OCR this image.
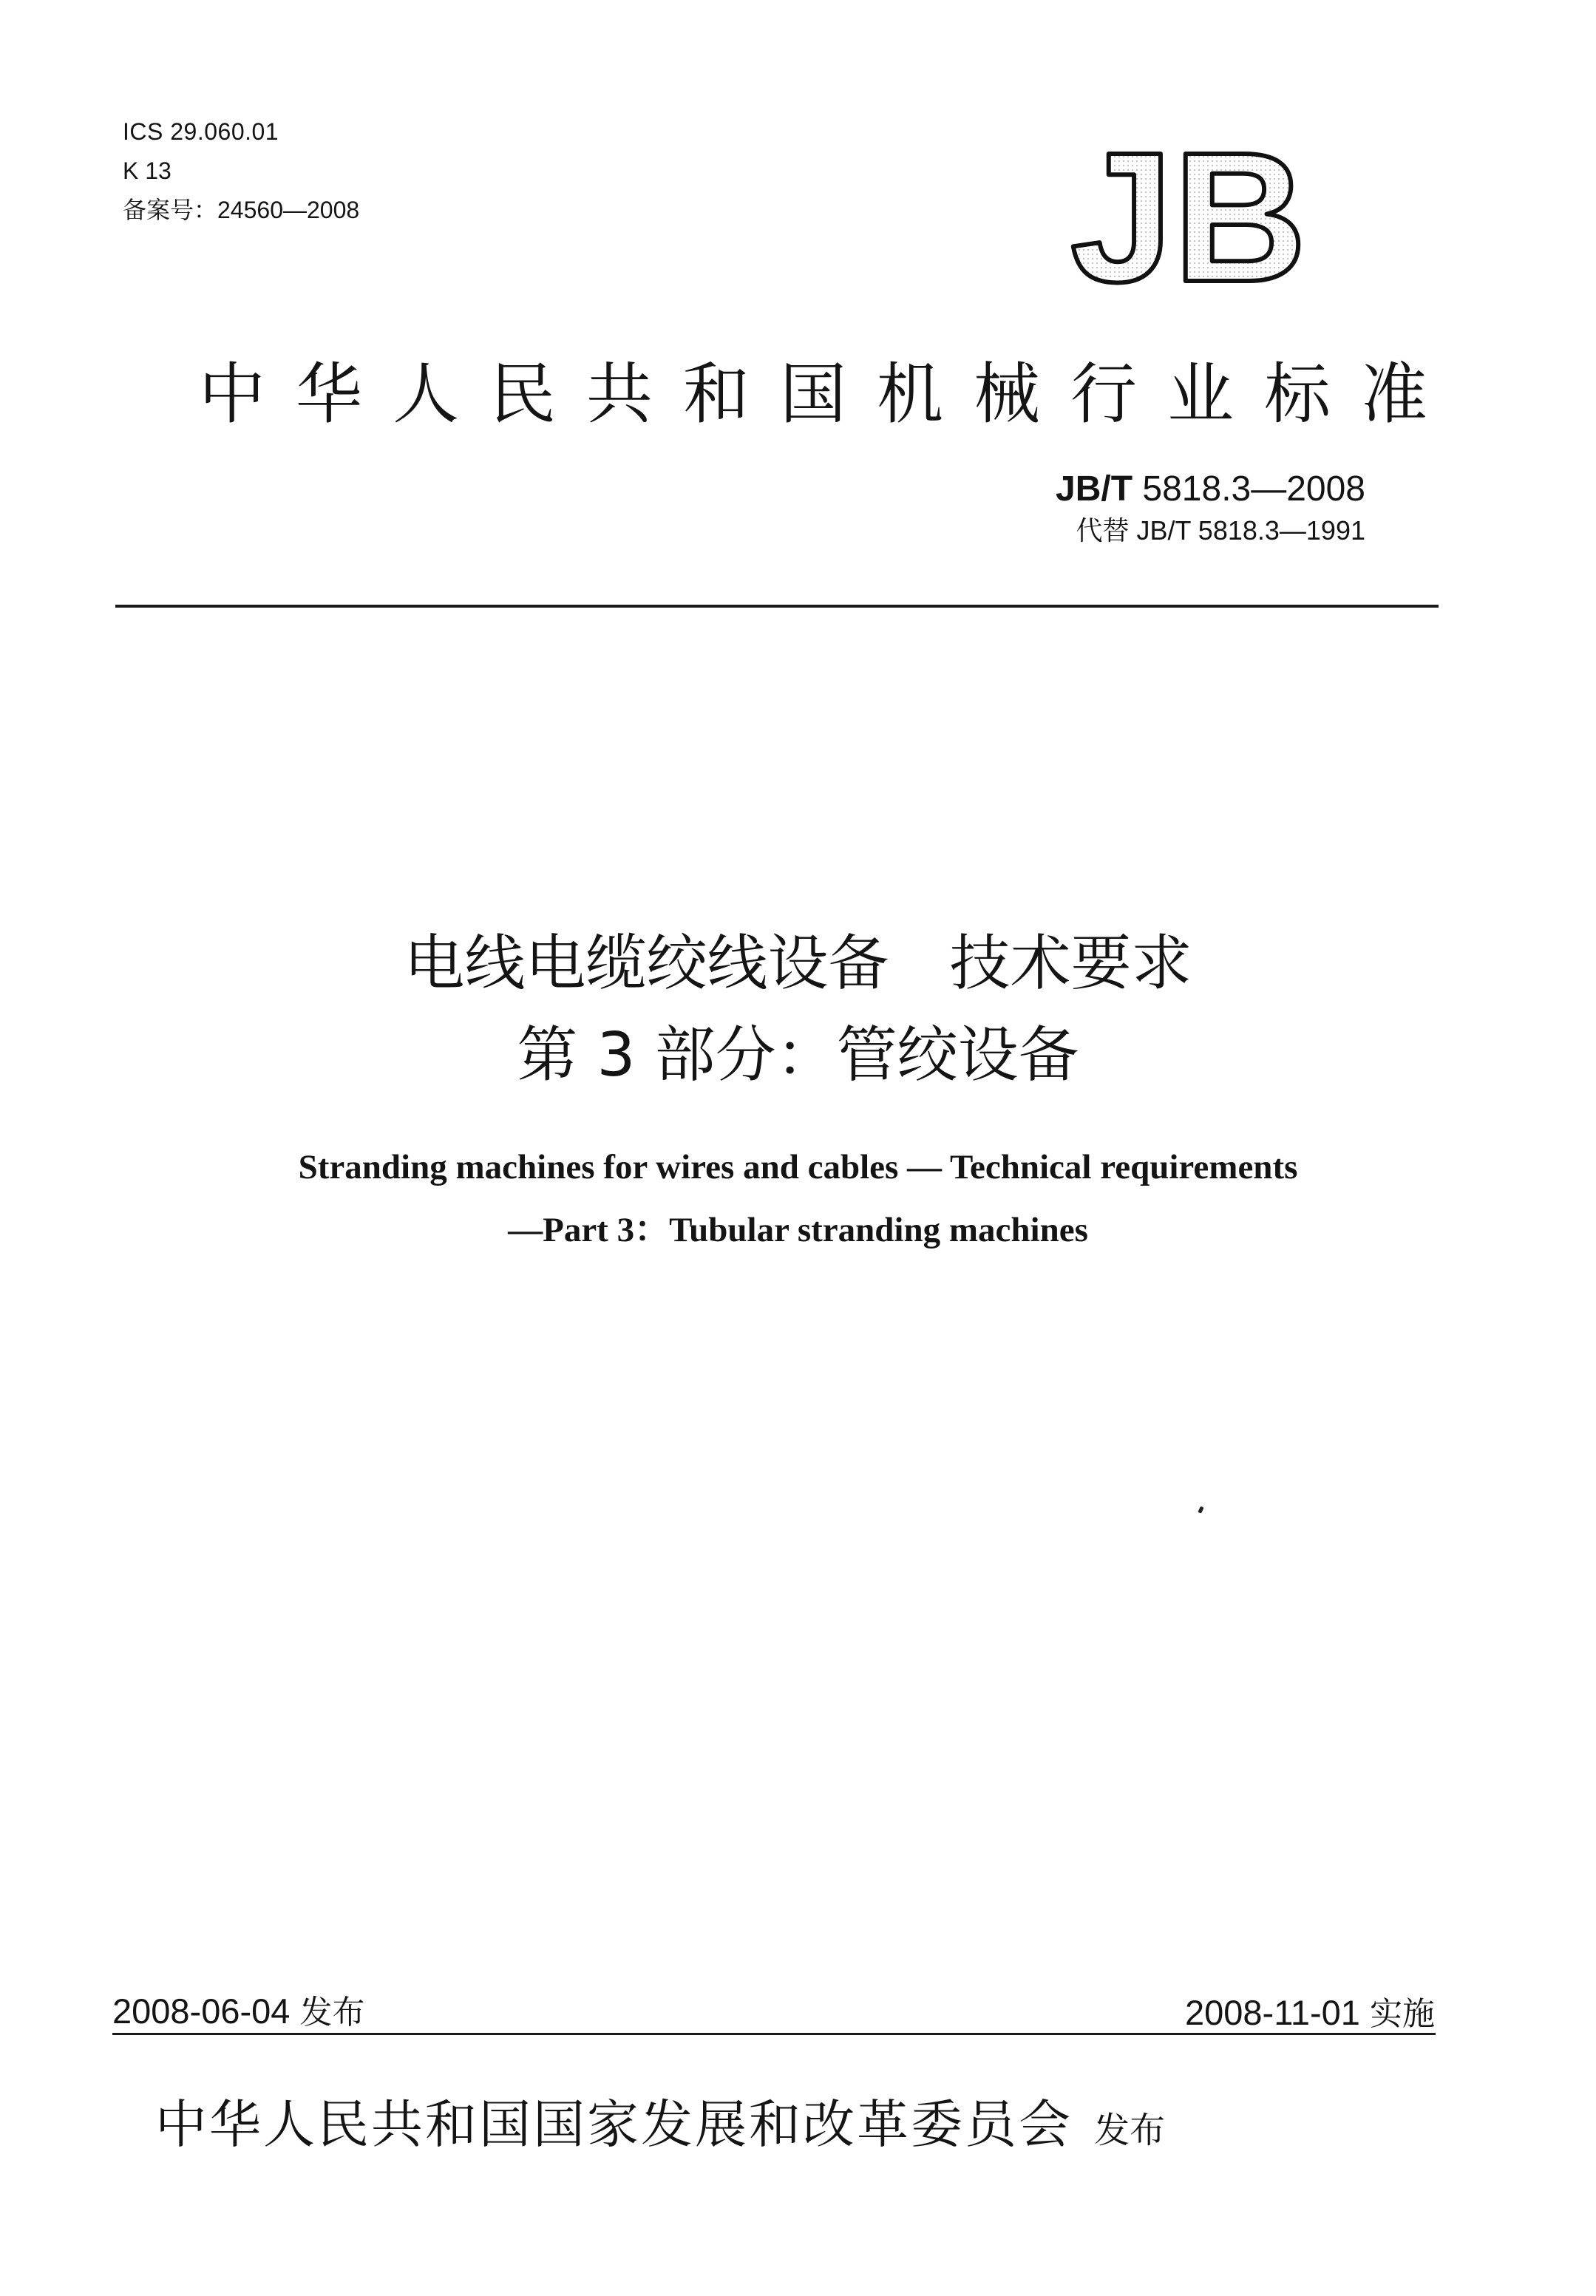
ICS 29.060.01
K 13
备案号：24560—2008	JB
中华人民共和国机械行业标准
JB/T 5818.3—2008
代替 JB/T 5818.3—1991
电线电缆绞线设备　技术要求
第 3 部分：管绞设备
Stranding machines for wires and cables — Technical requirements
—Part 3：Tubular stranding machines
2008-06-04 发布	2008-11-01 实施
中华人民共和国国家发展和改革委员会 发布
